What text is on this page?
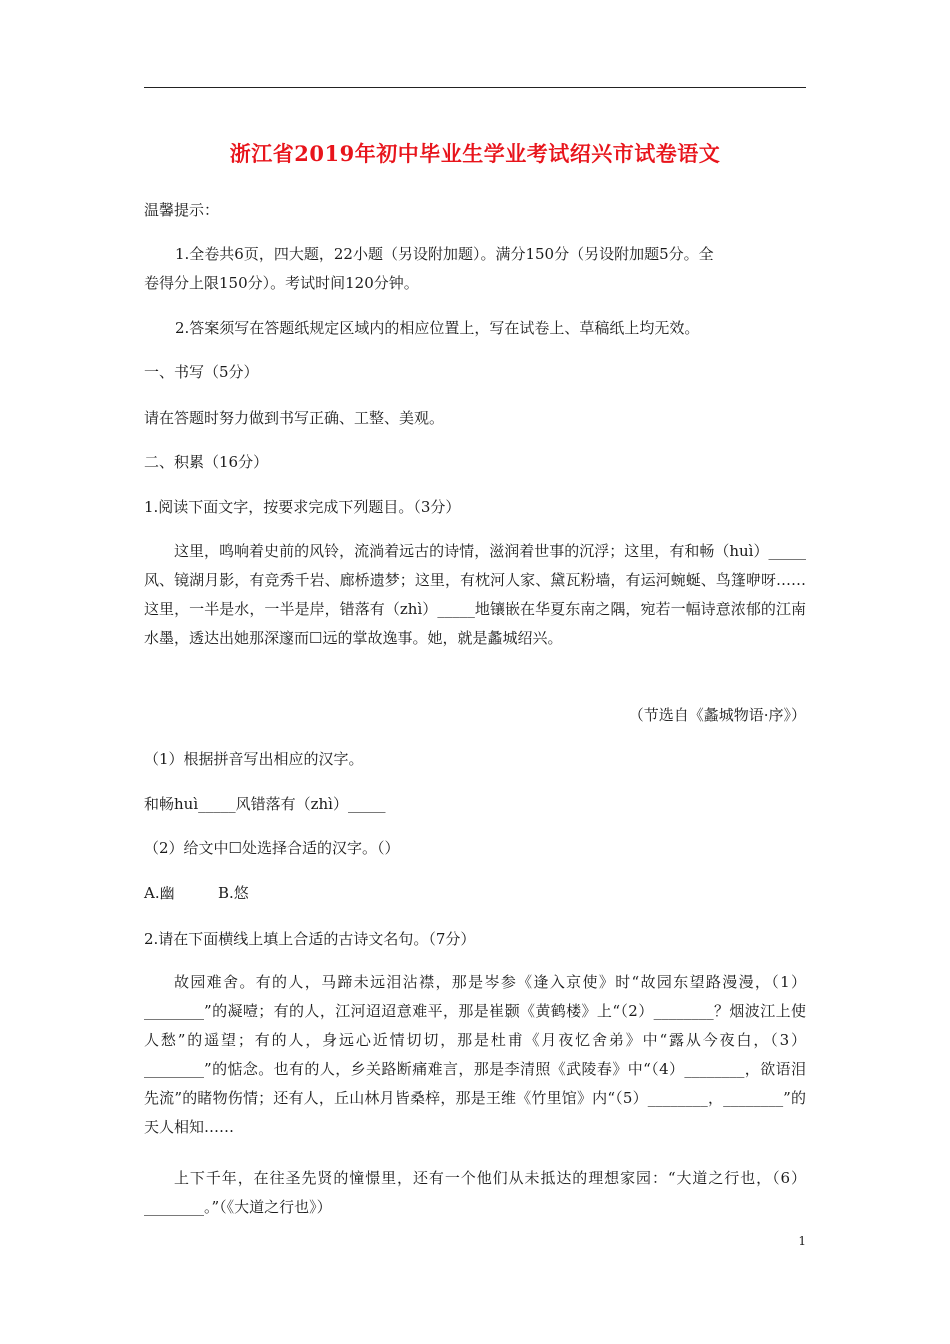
浙江省2019年初中毕业生学业考试绍兴市试卷语文
温馨提示：
1.全卷共6页，四大题，22小题（另设附加题）。满分150分（另设附加题5分。全
卷得分上限150分）。考试时间120分钟。
2.答案须写在答题纸规定区域内的相应位置上，写在试卷上、草稿纸上均无效。
一、书写（5分）
请在答题时努力做到书写正确、工整、美观。
二、积累（16分）
1.阅读下面文字，按要求完成下列题目。（3分）
这里，鸣响着史前的风铃，流淌着远古的诗情，滋润着世事的沉浮；这里，有和畅（huì）_____风、镜湖月影，有竞秀千岩、廊桥遗梦；这里，有枕河人家、黛瓦粉墙，有运河蜿蜒、鸟篷咿呀……这里，一半是水，一半是岸，错落有（zhì）_____地镶嵌在华夏东南之隅，宛若一幅诗意浓郁的江南水墨，透达出她那深邃而☐远的掌故逸事。她，就是蠡城绍兴。
（节选自《蠡城物语·序》）
（1）根据拼音写出相应的汉字。
和畅huì_____风错落有（zhì）_____
（2）给文中☐处选择合适的汉字。（）
A.幽	B.悠
2.请在下面横线上填上合适的古诗文名句。（7分）
故园难舍。有的人，马蹄未远泪沾襟，那是岑参《逢入京使》时“故园东望路漫漫，（1）________”的凝噎；有的人，江河迢迢意难平，那是崔颢《黄鹤楼》上“（2）________？烟波江上使人愁”的遥望；有的人，身远心近情切切，那是杜甫《月夜忆舍弟》中“露从今夜白，（3）________”的惦念。也有的人，乡关路断痛难言，那是李清照《武陵春》中“（4）________，欲语泪先流”的睹物伤情；还有人，丘山林月皆桑梓，那是王维《竹里馆》内“（5）________，________”的天人相知……
上下千年，在往圣先贤的憧憬里，还有一个他们从未抵达的理想家园：“大道之行也，（6）________。”（《大道之行也》）
1
